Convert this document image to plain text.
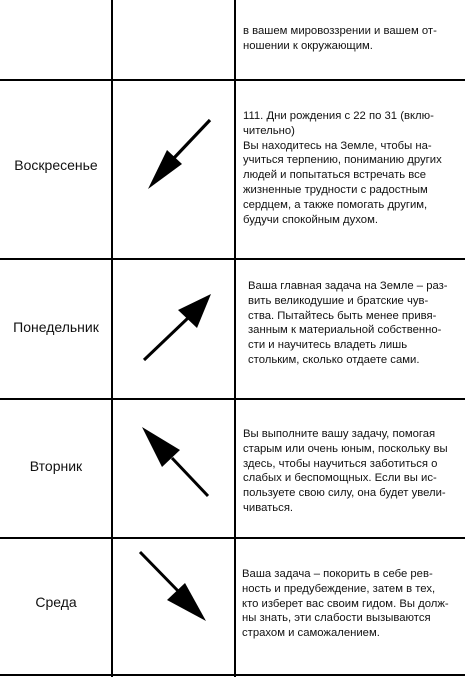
в вашем мировоззрении и вашем от-
ношении к окружающим.
Воскресенье
111. Дни рождения с 22 по 31 (вклю-
чительно)
Вы находитесь на Земле, чтобы на-
учиться терпению, пониманию других
людей и попытаться встречать все
жизненные трудности с радостным
сердцем, а также помогать другим,
будучи спокойным духом.
Понедельник
Ваша главная задача на Земле – раз-
вить великодушие и братские чув-
ства. Пытайтесь быть менее привя-
занным к материальной собственно-
сти и научитесь владеть лишь
стольким, сколько отдаете сами.
Вторник
Вы выполните вашу задачу, помогая
старым или очень юным, поскольку вы
здесь, чтобы научиться заботиться о
слабых и беспомощных. Если вы ис-
пользуете свою силу, она будет увели-
чиваться.
Среда
Ваша задача – покорить в себе рев-
ность и предубеждение, затем в тех,
кто изберет вас своим гидом. Вы долж-
ны знать, эти слабости вызываются
страхом и саможалением.
